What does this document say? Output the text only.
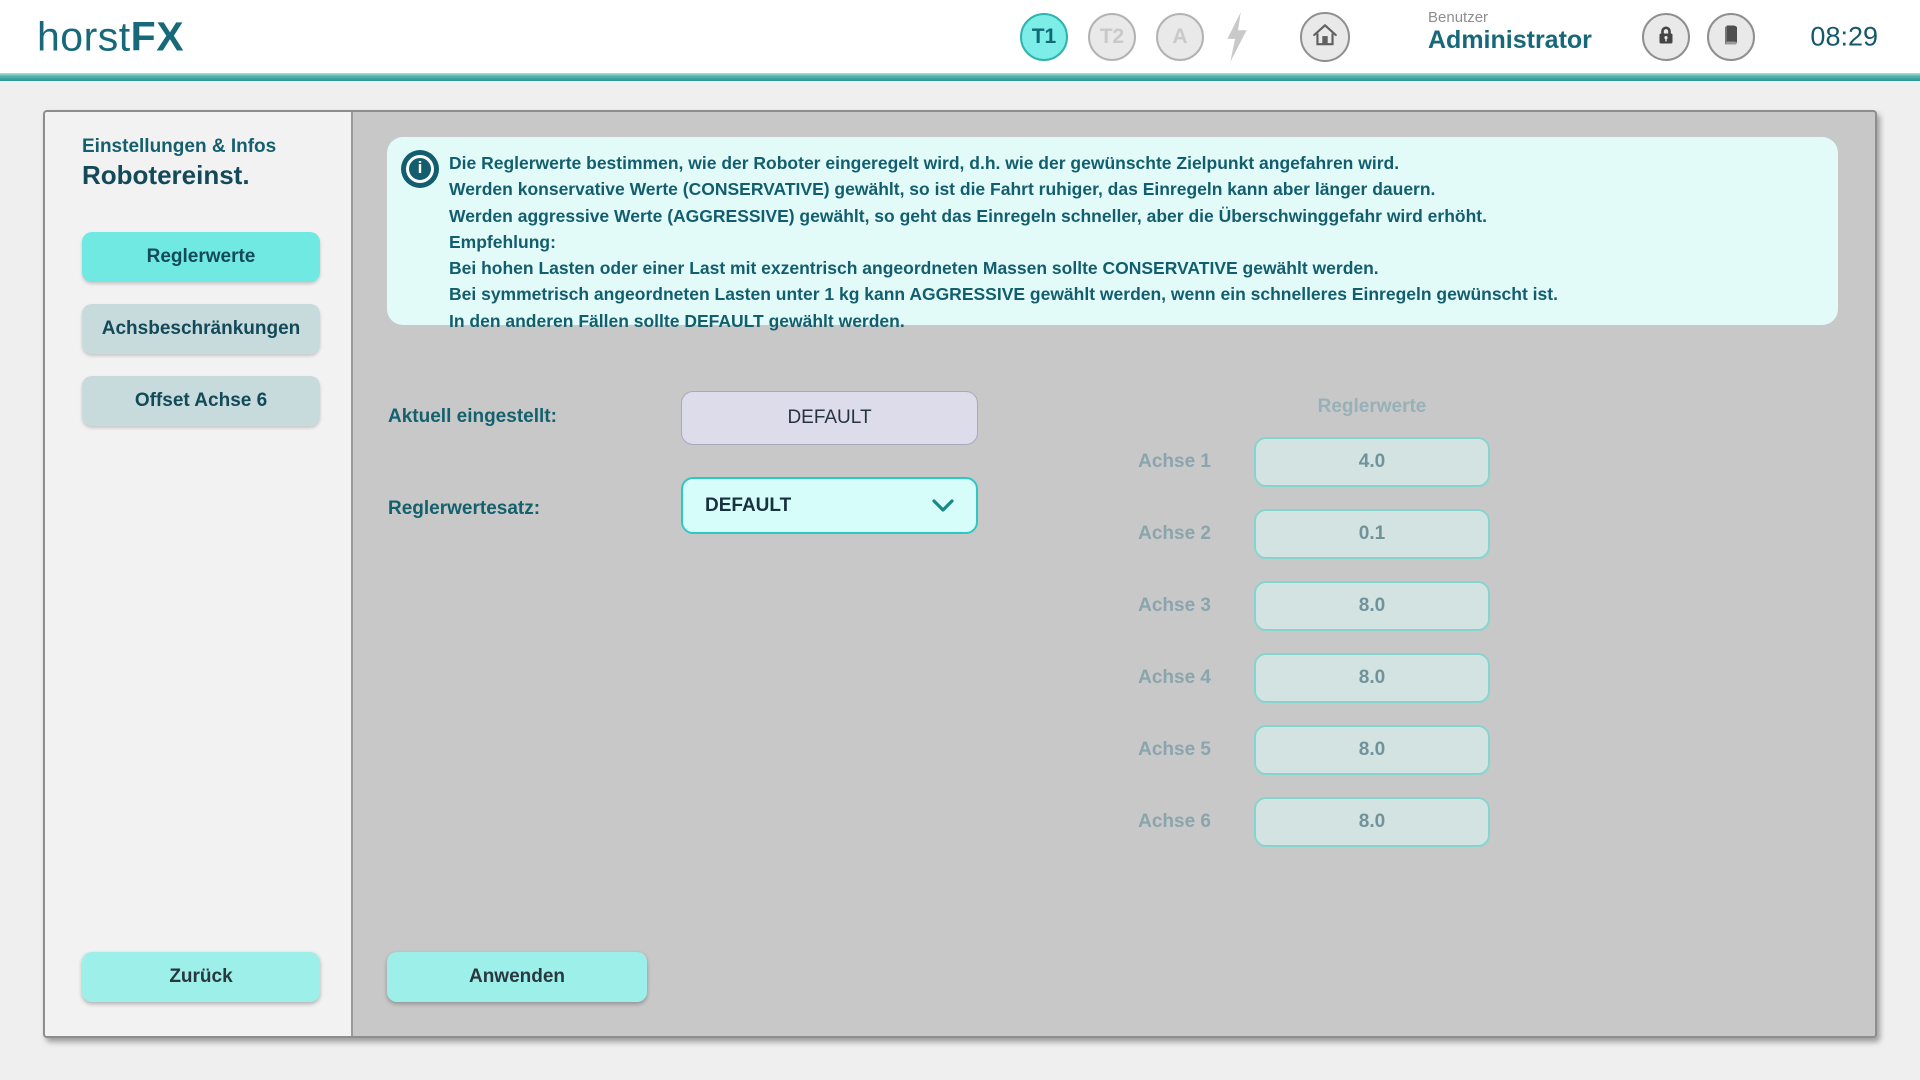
horstFX	T1 T2 A
Benutzer
Administrator	08:29
Einstellungen & Infos
Robotereinst.
Reglerwerte
Achsbeschränkungen
Offset Achse 6
Zurück
i
Die Reglerwerte bestimmen, wie der Roboter eingeregelt wird, d.h. wie der gewünschte Zielpunkt angefahren wird.
Werden konservative Werte (CONSERVATIVE) gewählt, so ist die Fahrt ruhiger, das Einregeln kann aber länger dauern.
Werden aggressive Werte (AGGRESSIVE) gewählt, so geht das Einregeln schneller, aber die Überschwinggefahr wird erhöht.
Empfehlung:
Bei hohen Lasten oder einer Last mit exzentrisch angeordneten Massen sollte CONSERVATIVE gewählt werden.
Bei symmetrisch angeordneten Lasten unter 1 kg kann AGGRESSIVE gewählt werden, wenn ein schnelleres Einregeln gewünscht ist.
In den anderen Fällen sollte DEFAULT gewählt werden.
Aktuell eingestellt:	DEFAULT
Reglerwertesatz:	DEFAULT
Reglerwerte
Achse 1	4.0
Achse 2	0.1
Achse 3	8.0
Achse 4	8.0
Achse 5	8.0
Achse 6	8.0
Anwenden
